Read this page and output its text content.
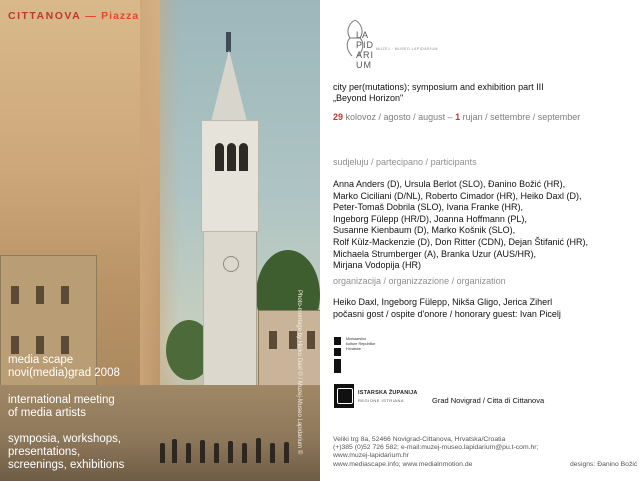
CITTANOVA — Piazza
media scape
novi(media)grad 2008
international meeting
of media artists
symposia, workshops,
presentations,
screenings, exhibitions
Photo-montage by Heiko Daxl © / Muzej-Museo Lapidarium ©
LA
PID
ARI
UM
MUZEJ · MUSEO LAPIDARIUM
city per(mutations); symposium and exhibition part III
„Beyond Horizon"
29 kolovoz / agosto / august – 1 rujan / settembre / september
sudjeluju / partecipano / participants
Anna Anders (D), Ursula Berlot (SLO), Đanino Božić (HR),
Marko Ciciliani (D/NL), Roberto Cimador (HR), Heiko Daxl (D),
Peter-Tomaš Dobrila (SLO), Ivana Franke (HR),
Ingeborg Fülepp (HR/D), Joanna Hoffmann (PL),
Susanne Kienbaum (D), Marko Košnik (SLO),
Rolf Külz-Mackenzie (D), Don Ritter (CDN), Dejan Štifanić (HR),
Michaela Strumberger (A), Branka Uzur (AUS/HR),
Mirjana Vodopija (HR)
organizacija / organizzazione / organization
Heiko Daxl, Ingeborg Fülepp, Nikša Gligo, Jerica Ziherl
počasni gost / ospite d'onore / honorary guest: Ivan Picelj
Ministarstvo kulture Republike Hrvatske
ISTARSKA ŽUPANIJA
REGIONE ISTRIANA	Grad Novigrad / Citta di Cittanova
Veliki trg 8a, 52466 Novigrad-Cittanova, Hrvatska/Croatia
(+)385 (0)52 726 582; e-mail:muzej-museo.lapidarium@pu.t-com.hr;
www.muzej-lapidarium.hr
www.mediascape.info; www.medialnmotion.de	designs: Đanino Božić
